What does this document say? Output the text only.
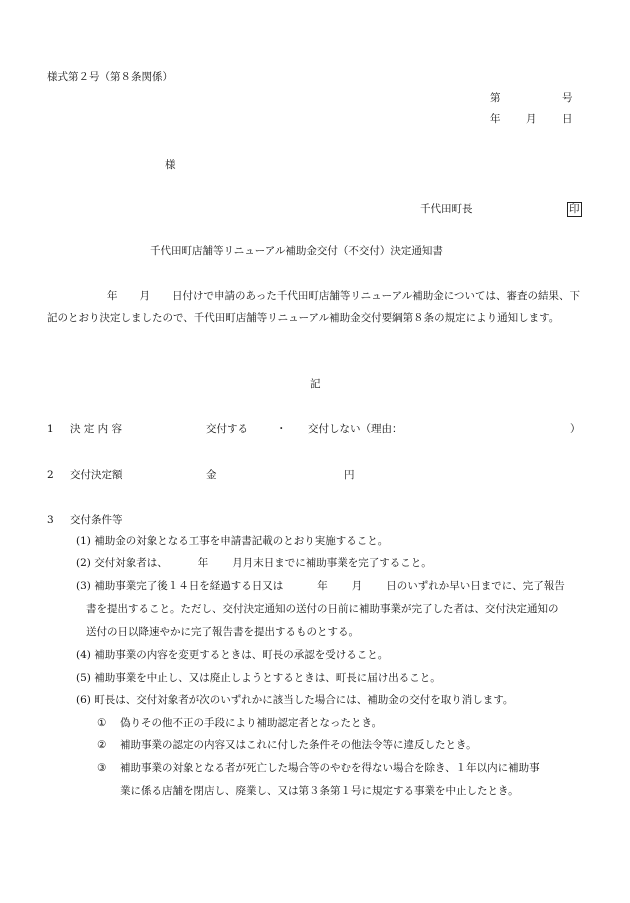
様式第２号（第８条関係）
第	号
年 月 日
様
千代田町長	印
千代田町店舗等リニューアル補助金交付（不交付）決定通知書
年 月 日付けで申請のあった千代田町店舗等リニューアル補助金については、審査の結果、下記のとおり決定しましたので、千代田町店舗等リニューアル補助金交付要綱第８条の規定により通知します。
記
1 決 定 内 容	交付する	・ 交付しない（理由：	）
2 交付決定額	金	円
3 交付条件等
(1) 補助金の対象となる工事を申請書記載のとおり実施すること。
(2) 交付対象者は、	年 月月末日までに補助事業を完了すること。
(3) 補助事業完了後１４日を経過する日又は	年 月 日のいずれか早い日までに、完了報告
書を提出すること。ただし、交付決定通知の送付の日前に補助事業が完了した者は、交付決定通知の
送付の日以降速やかに完了報告書を提出するものとする。
(4) 補助事業の内容を変更するときは、町長の承認を受けること。
(5) 補助事業を中止し、又は廃止しようとするときは、町長に届け出ること。
(6) 町長は、交付対象者が次のいずれかに該当した場合には、補助金の交付を取り消します。
① 偽りその他不正の手段により補助認定者となったとき。
② 補助事業の認定の内容又はこれに付した条件その他法令等に違反したとき。
③ 補助事業の対象となる者が死亡した場合等のやむを得ない場合を除き、１年以内に補助事
業に係る店舗を閉店し、廃業し、又は第３条第１号に規定する事業を中止したとき。
